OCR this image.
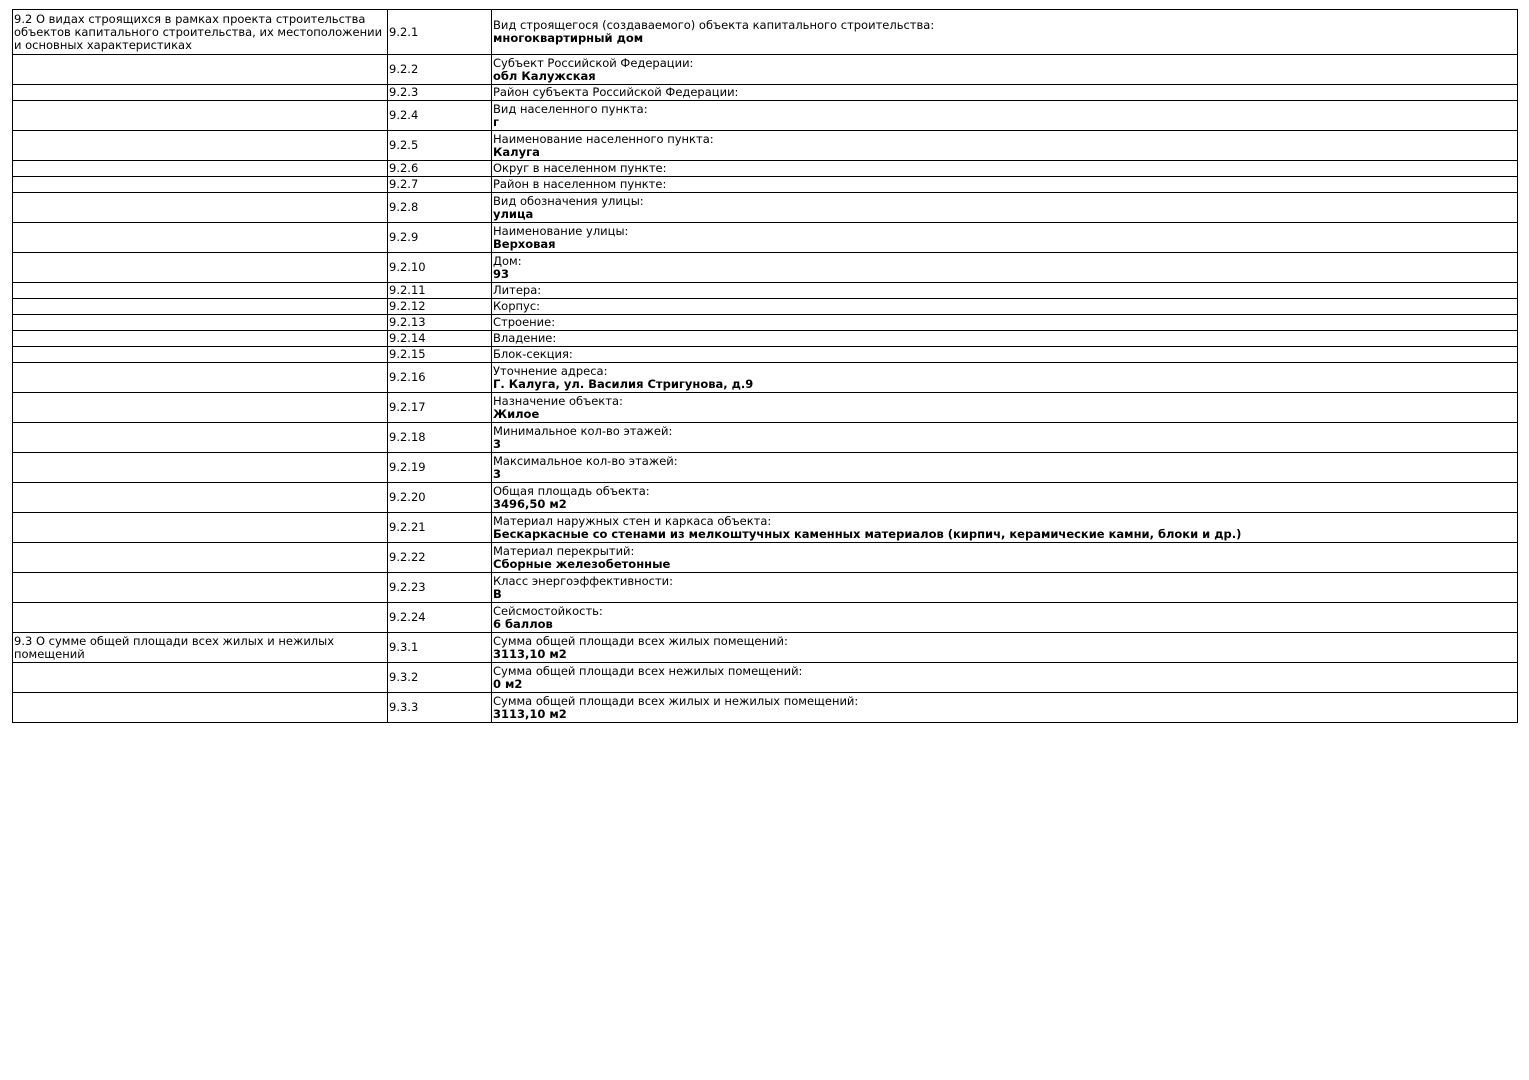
9.2 О видах строящихся в рамках проекта строительства объектов капитального строительства, их местоположении и основных характеристиках	9.2.1	Вид строящегося (создаваемого) объекта капитального строительства:
многоквартирный дом

	9.2.2	Субъект Российской Федерации:
обл Калужская

	9.2.3	Район субъекта Российской Федерации:

	9.2.4	Вид населенного пункта:
г

	9.2.5	Наименование населенного пункта:
Калуга

	9.2.6	Округ в населенном пункте:

	9.2.7	Район в населенном пункте:

	9.2.8	Вид обозначения улицы:
улица

	9.2.9	Наименование улицы:
Верховая

	9.2.10	Дом:
93

	9.2.11	Литера:

	9.2.12	Корпус:

	9.2.13	Строение:

	9.2.14	Владение:

	9.2.15	Блок-секция:

	9.2.16	Уточнение адреса:
Г. Калуга, ул. Василия Стригунова, д.9

	9.2.17	Назначение объекта:
Жилое

	9.2.18	Минимальное кол-во этажей:
3

	9.2.19	Максимальное кол-во этажей:
3

	9.2.20	Общая площадь объекта:
3496,50 м2

	9.2.21	Материал наружных стен и каркаса объекта:
Бескаркасные со стенами из мелкоштучных каменных материалов (кирпич, керамические камни, блоки и др.)

	9.2.22	Материал перекрытий:
Сборные железобетонные

	9.2.23	Класс энергоэффективности:
B

	9.2.24	Сейсмостойкость:
6 баллов

9.3 О сумме общей площади всех жилых и нежилых помещений	9.3.1	Сумма общей площади всех жилых помещений:
3113,10 м2

	9.3.2	Сумма общей площади всех нежилых помещений:
0 м2

	9.3.3	Сумма общей площади всех жилых и нежилых помещений:
3113,10 м2
